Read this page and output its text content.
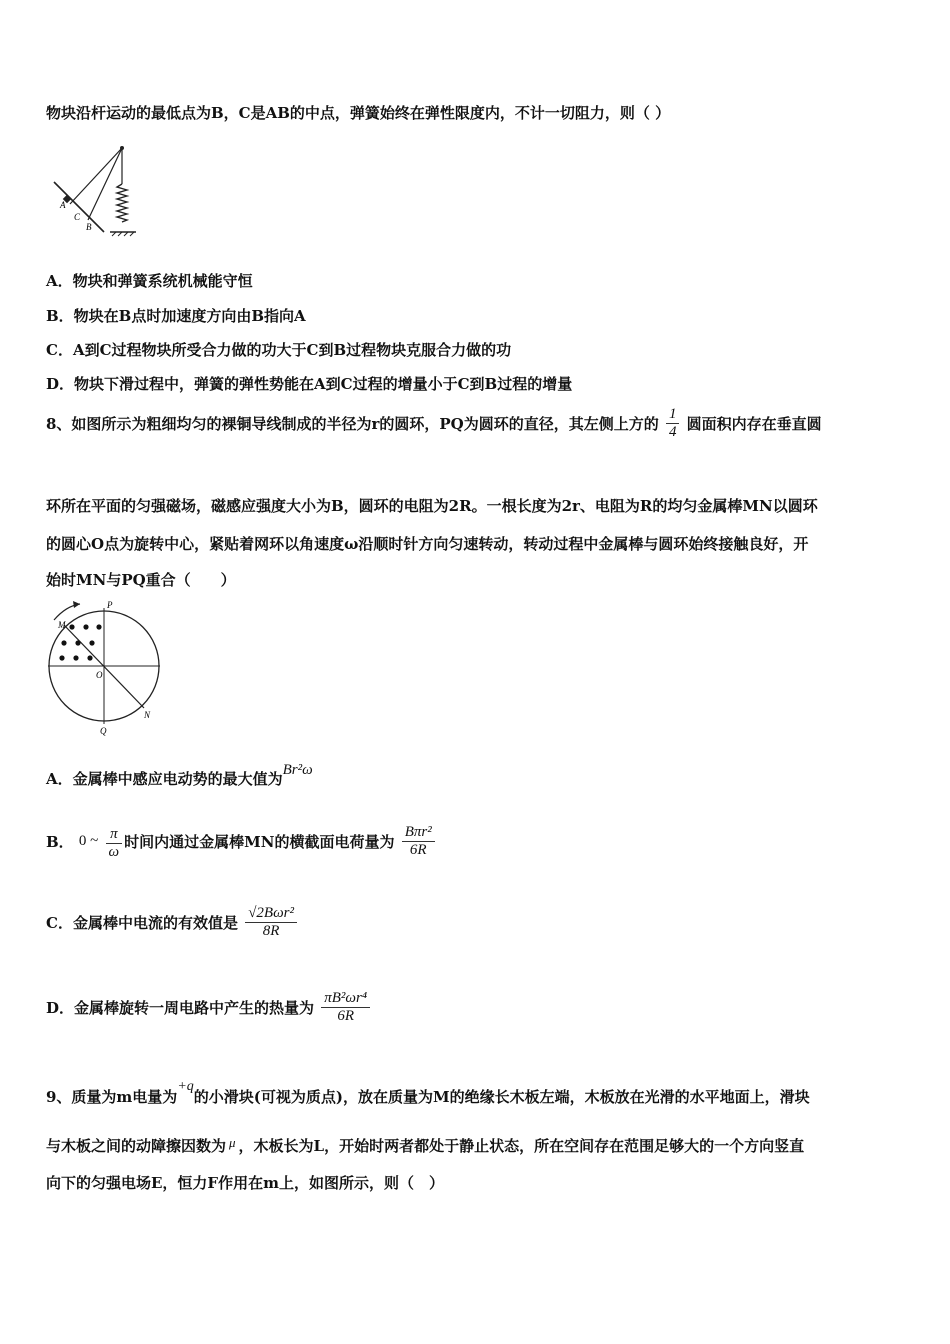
物块沿杆运动的最低点为B，C是AB的中点，弹簧始终在弹性限度内，不计一切阻力，则（ ）
A
C
B
A．物块和弹簧系统机械能守恒
B．物块在B点时加速度方向由B指向A
C．A到C过程物块所受合力做的功大于C到B过程物块克服合力做的功
D．物块下滑过程中，弹簧的弹性势能在A到C过程的增量小于C到B过程的增量
8、如图所示为粗细均匀的裸铜导线制成的半径为r的圆环，PQ为圆环的直径，其左侧上方的 $\frac{1}{4}$ 圆面积内存在垂直圆
环所在平面的匀强磁场，磁感应强度大小为B，圆环的电阻为2R。一根长度为2r、电阻为R的均匀金属棒MN以圆环
的圆心O点为旋转中心，紧贴着网环以角速度ω沿顺时针方向匀速转动，转动过程中金属棒与圆环始终接触良好，开
始时MN与PQ重合（　　）
P
M
O
N
Q
A．金属棒中感应电动势的最大值为Br²ω
B． 0 ~ $\frac{\pi}{\omega}$ 时间内通过金属棒MN的横截面电荷量为 $\frac{\text{Bπr²}}{6R}$
C．金属棒中电流的有效值是 $\frac{\text{√2Bωr²}}{8R}$
D．金属棒旋转一周电路中产生的热量为 $\frac{\text{πB²ωr⁴}}{6R}$
9、质量为m电量为+q的小滑块(可视为质点)，放在质量为M的绝缘长木板左端，木板放在光滑的水平地面上，滑块
与木板之间的动障擦因数为 μ ，木板长为L，开始时两者都处于静止状态，所在空间存在范围足够大的一个方向竖直
向下的匀强电场E，恒力F作用在m上，如图所示，则（　）
